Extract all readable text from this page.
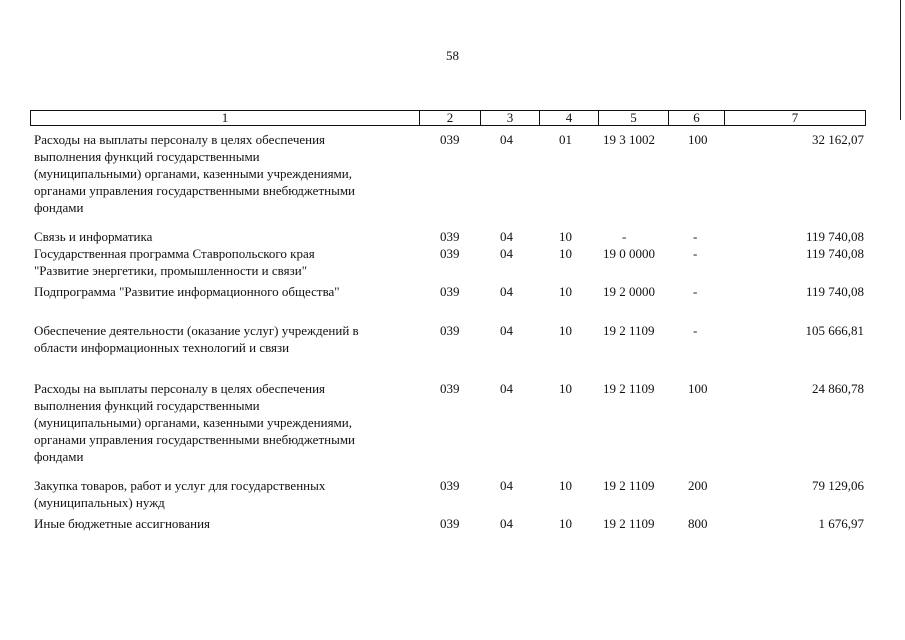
58
1	2	3	4	5	6	7
Расходы на выплаты персоналу в целях обеспечения
выполнения функций государственными
(муниципальными) органами, казенными учреждениями,
органами управления государственными внебюджетными
фондами
039	04	01	19 3 1002	100	32 162,07
Связь и информатика	039	04	10	-	-	119 740,08
Государственная программа Ставропольского края
"Развитие энергетики, промышленности и связи"
039	04	10	19 0 0000	-	119 740,08
Подпрограмма "Развитие информационного общества"	039	04	10	19 2 0000	-	119 740,08
Обеспечение деятельности (оказание услуг) учреждений в
области информационных технологий и связи
039	04	10	19 2 1109	-	105 666,81
Расходы на выплаты персоналу в целях обеспечения
выполнения функций государственными
(муниципальными) органами, казенными учреждениями,
органами управления государственными внебюджетными
фондами
039	04	10	19 2 1109	100	24 860,78
Закупка товаров, работ и услуг для государственных
(муниципальных) нужд
039	04	10	19 2 1109	200	79 129,06
Иные бюджетные ассигнования	039	04	10	19 2 1109	800	1 676,97
